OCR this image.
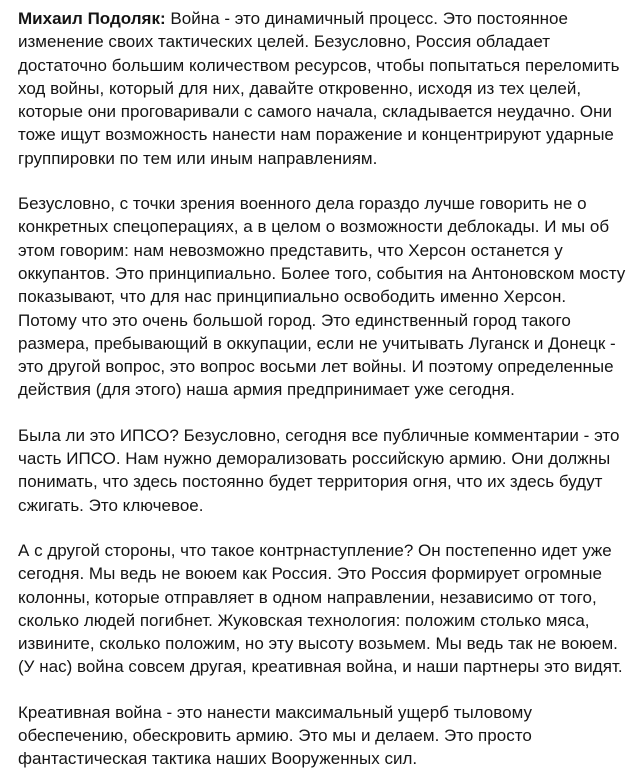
Михаил Подоляк: Война - это динамичный процесс. Это постоянное изменение своих тактических целей. Безусловно, Россия обладает достаточно большим количеством ресурсов, чтобы попытаться переломить ход войны, который для них, давайте откровенно, исходя из тех целей, которые они проговаривали с самого начала, складывается неудачно. Они тоже ищут возможность нанести нам поражение и концентрируют ударные группировки по тем или иным направлениям.

Безусловно, с точки зрения военного дела гораздо лучше говорить не о конкретных спецоперациях, а в целом о возможности деблокады. И мы об этом говорим: нам невозможно представить, что Херсон останется у оккупантов. Это принципиально. Более того, события на Антоновском мосту показывают, что для нас принципиально освободить именно Херсон. Потому что это очень большой город. Это единственный город такого размера, пребывающий в оккупации, если не учитывать Луганск и Донецк - это другой вопрос, это вопрос восьми лет войны. И поэтому определенные действия (для этого) наша армия предпринимает уже сегодня.

Была ли это ИПСО? Безусловно, сегодня все публичные комментарии - это часть ИПСО. Нам нужно деморализовать российскую армию. Они должны понимать, что здесь постоянно будет территория огня, что их здесь будут сжигать. Это ключевое.

А с другой стороны, что такое контрнаступление? Он постепенно идет уже сегодня. Мы ведь не воюем как Россия. Это Россия формирует огромные колонны, которые отправляет в одном направлении, независимо от того, сколько людей погибнет. Жуковская технология: положим столько мяса, извините, сколько положим, но эту высоту возьмем. Мы ведь так не воюем. (У нас) война совсем другая, креативная война, и наши партнеры это видят.

Креативная война - это нанести максимальный ущерб тыловому обеспечению, обескровить армию. Это мы и делаем. Это просто фантастическая тактика наших Вооруженных сил.
